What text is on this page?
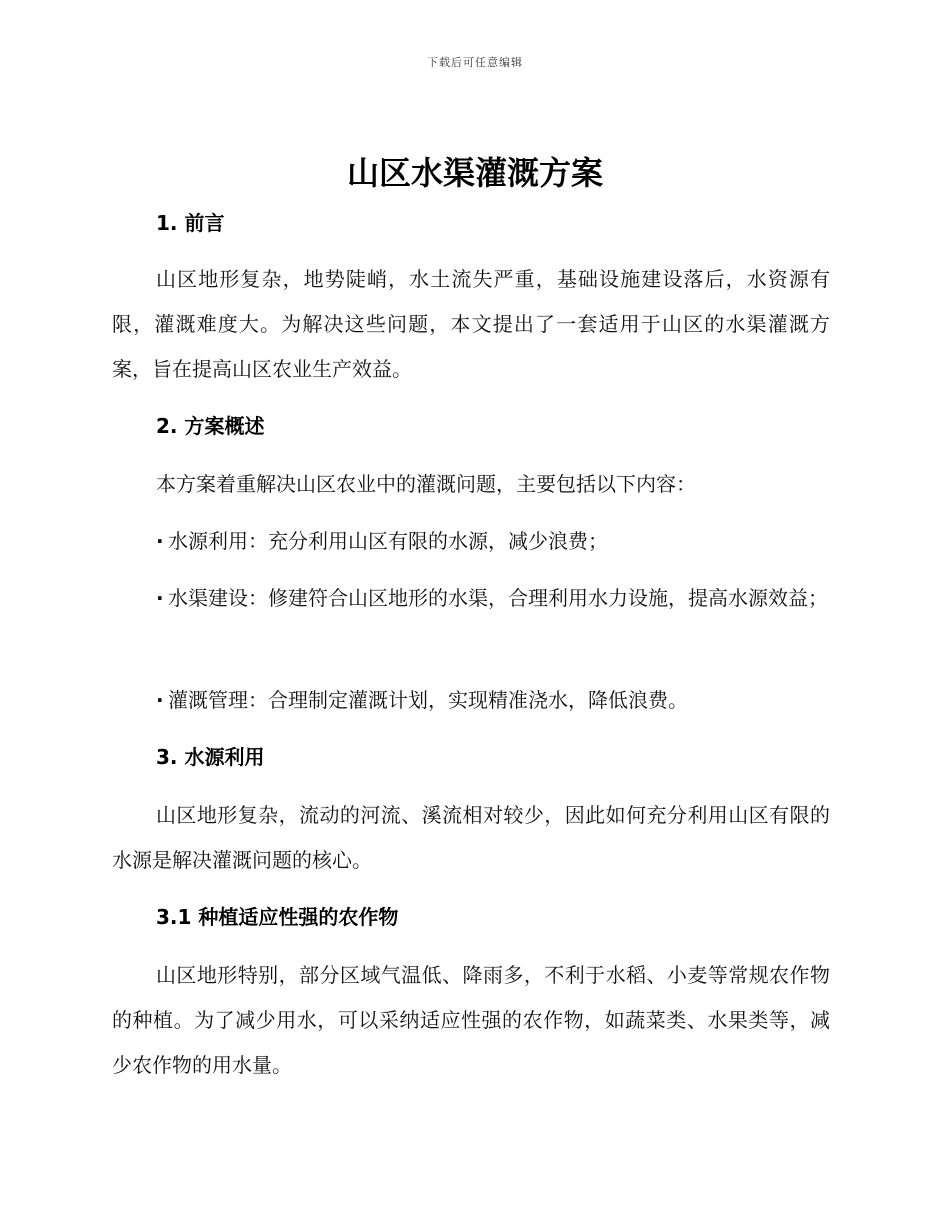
下载后可任意编辑
山区水渠灌溉方案
1. 前言

山区地形复杂，地势陡峭，水土流失严重，基础设施建设落后，水资源有限，灌溉难度大。为解决这些问题，本文提出了一套适用于山区的水渠灌溉方案，旨在提高山区农业生产效益。

2. 方案概述

本方案着重解决山区农业中的灌溉问题，主要包括以下内容：

· 水源利用：充分利用山区有限的水源，减少浪费；

· 水渠建设：修建符合山区地形的水渠，合理利用水力设施，提高水源效益；

· 灌溉管理：合理制定灌溉计划，实现精准浇水，降低浪费。

3. 水源利用

山区地形复杂，流动的河流、溪流相对较少，因此如何充分利用山区有限的水源是解决灌溉问题的核心。

3.1 种植适应性强的农作物

山区地形特别，部分区域气温低、降雨多，不利于水稻、小麦等常规农作物的种植。为了减少用水，可以采纳适应性强的农作物，如蔬菜类、水果类等，减少农作物的用水量。
